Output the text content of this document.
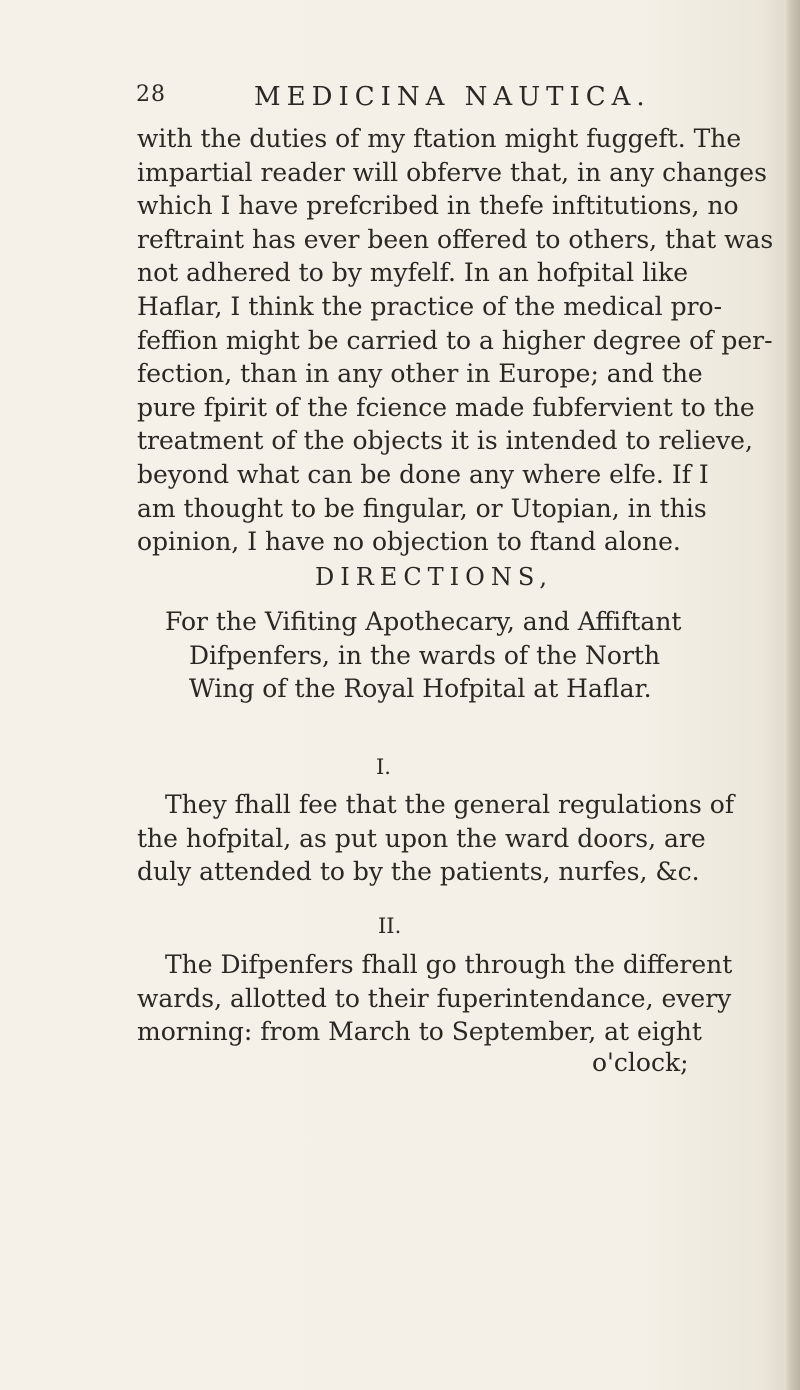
28	MEDICINA NAUTICA.
with the duties of my ftation might fuggeft. The
impartial reader will obferve that, in any changes
which I have prefcribed in thefe inftitutions, no
reftraint has ever been offered to others, that was
not adhered to by myfelf. In an hofpital like
Haflar, I think the practice of the medical pro-
feffion might be carried to a higher degree of per-
fection, than in any other in Europe; and the
pure fpirit of the fcience made fubfervient to the
treatment of the objects it is intended to relieve,
beyond what can be done any where elfe. If I
am thought to be fingular, or Utopian, in this
opinion, I have no objection to ftand alone.
DIRECTIONS,
For the Vifiting Apothecary, and Affiftant
Difpenfers, in the wards of the North
Wing of the Royal Hofpital at Haflar.
I.
They fhall fee that the general regulations of
the hofpital, as put upon the ward doors, are
duly attended to by the patients, nurfes, &c.
II.
The Difpenfers fhall go through the different
wards, allotted to their fuperintendance, every
morning: from March to September, at eight
o'clock;
